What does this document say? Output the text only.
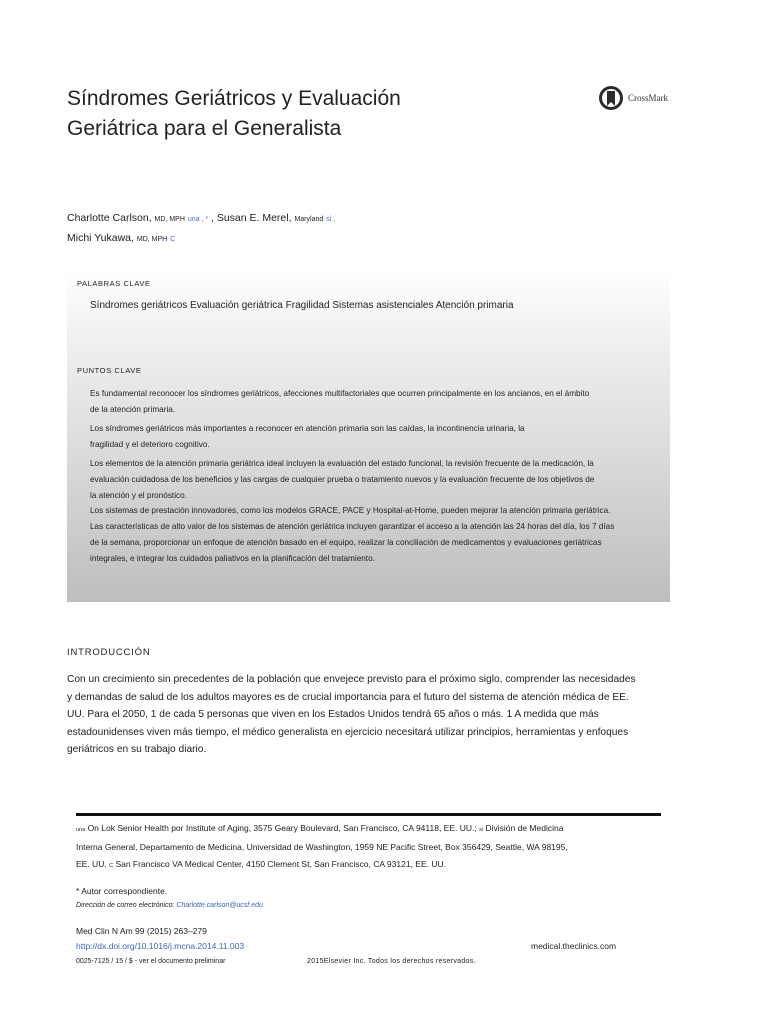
Síndromes Geriátricos y Evaluación
Geriátrica para el Generalista
CrossMark
Charlotte Carlson, MD, MPH una , * , Susan E. Merel, Maryland si ,
Michi Yukawa, MD, MPH C
PALABRAS CLAVE
Síndromes geriátricos Evaluación geriátrica Fragilidad Sistemas asistenciales Atención primaria
PUNTOS CLAVE
Es fundamental reconocer los síndromes geriátricos, afecciones multifactoriales que ocurren principalmente en los ancianos, en el ámbito
de la atención primaria.
Los síndromes geriátricos más importantes a reconocer en atención primaria son las caídas, la incontinencia urinaria, la
fragilidad y el deterioro cognitivo.
Los elementos de la atención primaria geriátrica ideal incluyen la evaluación del estado funcional, la revisión frecuente de la medicación, la
evaluación cuidadosa de los beneficios y las cargas de cualquier prueba o tratamiento nuevos y la evaluación frecuente de los objetivos de
la atención y el pronóstico.
Los sistemas de prestación innovadores, como los modelos GRACE, PACE y Hospital-at-Home, pueden mejorar la atención primaria geriátrica.
Las características de alto valor de los sistemas de atención geriátrica incluyen garantizar el acceso a la atención las 24 horas del día, los 7 días
de la semana, proporcionar un enfoque de atención basado en el equipo, realizar la conciliación de medicamentos y evaluaciones geriátricas
integrales, e integrar los cuidados paliativos en la planificación del tratamiento.
INTRODUCCIÓN
Con un crecimiento sin precedentes de la población que envejece previsto para el próximo siglo, comprender las necesidades
y demandas de salud de los adultos mayores es de crucial importancia para el futuro del sistema de atención médica de EE.
UU. Para el 2050, 1 de cada 5 personas que viven en los Estados Unidos tendrá 65 años o más. 1 A medida que más
estadounidenses viven más tiempo, el médico generalista en ejercicio necesitará utilizar principios, herramientas y enfoques
geriátricos en su trabajo diario.
una On Lok Senior Health por Institute of Aging, 3575 Geary Boulevard, San Francisco, CA 94118, EE. UU.; si División de Medicina
Interna General, Departamento de Medicina, Universidad de Washington, 1959 NE Pacific Street, Box 356429, Seattle, WA 98195,
EE. UU. C San Francisco VA Medical Center, 4150 Clement St, San Francisco, CA 93121, EE. UU.
* Autor correspondiente.
Dirección de correo electrónico: Charlotte.carlson@ucsf.edu
Med Clin N Am 99 (2015) 263–279
http://dx.doi.org/10.1016/j.mcna.2014.11.003	medical.theclinics.com
0025-7125 / 15 / $ - ver el documento preliminar	2015Elsevier Inc. Todos los derechos reservados.
